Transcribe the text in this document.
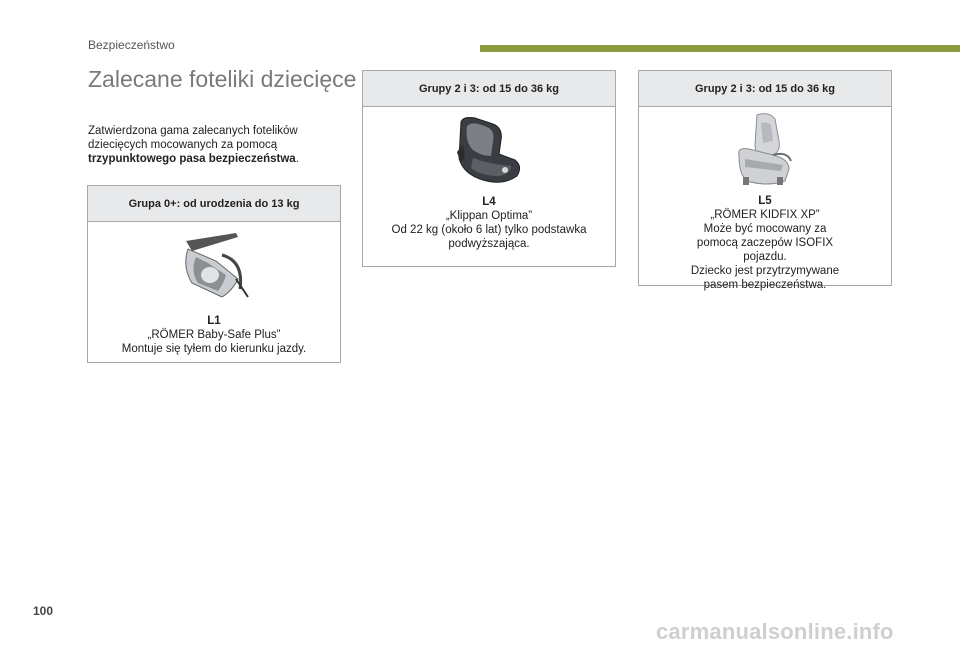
Bezpieczeństwo
Zalecane foteliki dziecięce
Zatwierdzona gama zalecanych fotelików dziecięcych mocowanych za pomocą trzypunktowego pasa bezpieczeństwa.
Grupa 0+: od urodzenia do 13 kg
L1
„RÖMER Baby-Safe Plus”
Montuje się tyłem do kierunku jazdy.
Grupy 2 i 3: od 15 do 36 kg
L4
„Klippan Optima”
Od 22 kg (około 6 lat) tylko podstawka podwyższająca.
Grupy 2 i 3: od 15 do 36 kg
L5
„RÖMER KIDFIX XP”
Może być mocowany za pomocą zaczepów ISOFIX pojazdu.
Dziecko jest przytrzymywane pasem bezpieczeństwa.
100
carmanualsonline.info
